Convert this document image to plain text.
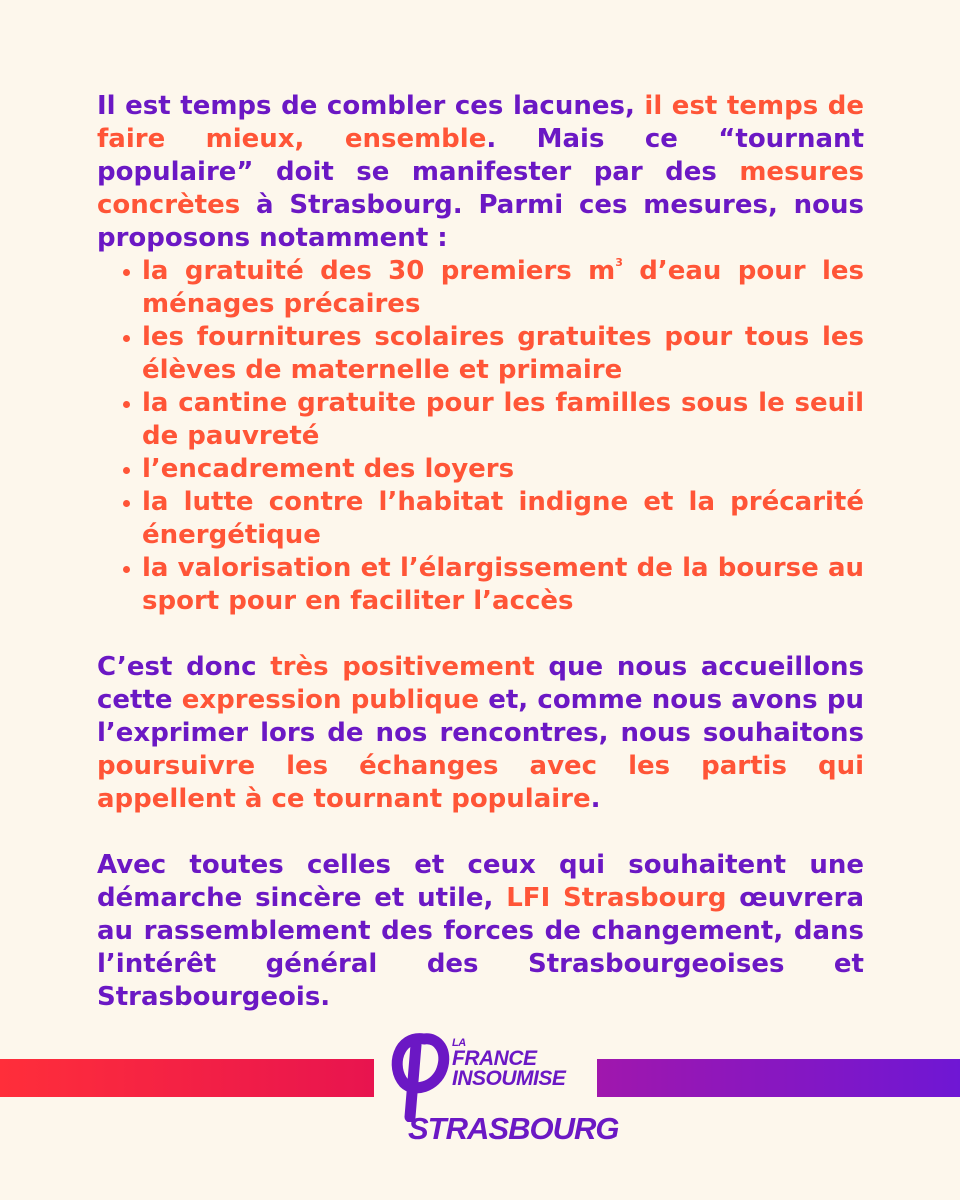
Il est temps de combler ces lacunes, il est temps de faire mieux, ensemble. Mais ce “tournant populaire” doit se manifester par des mesures concrètes à Strasbourg. Parmi ces mesures, nous proposons notamment :

la gratuité des 30 premiers $m^3$ d’eau pour les ménages précaires
les fournitures scolaires gratuites pour tous les élèves de maternelle et primaire
la cantine gratuite pour les familles sous le seuil de pauvreté
l’encadrement des loyers
la lutte contre l’habitat indigne et la précarité énergétique
la valorisation et l’élargissement de la bourse au sport pour en faciliter l’accès

C’est donc très positivement que nous accueillons cette expression publique et, comme nous avons pu l’exprimer lors de nos rencontres, nous souhaitons poursuivre les échanges avec les partis qui appellent à ce tournant populaire.

Avec toutes celles et ceux qui souhaitent une démarche sincère et utile, LFI Strasbourg œuvrera au rassemblement des forces de changement, dans l’intérêt général des Strasbourgeoises et Strasbourgeois.

LA
FRANCE
INSOUMISE
STRASBOURG
